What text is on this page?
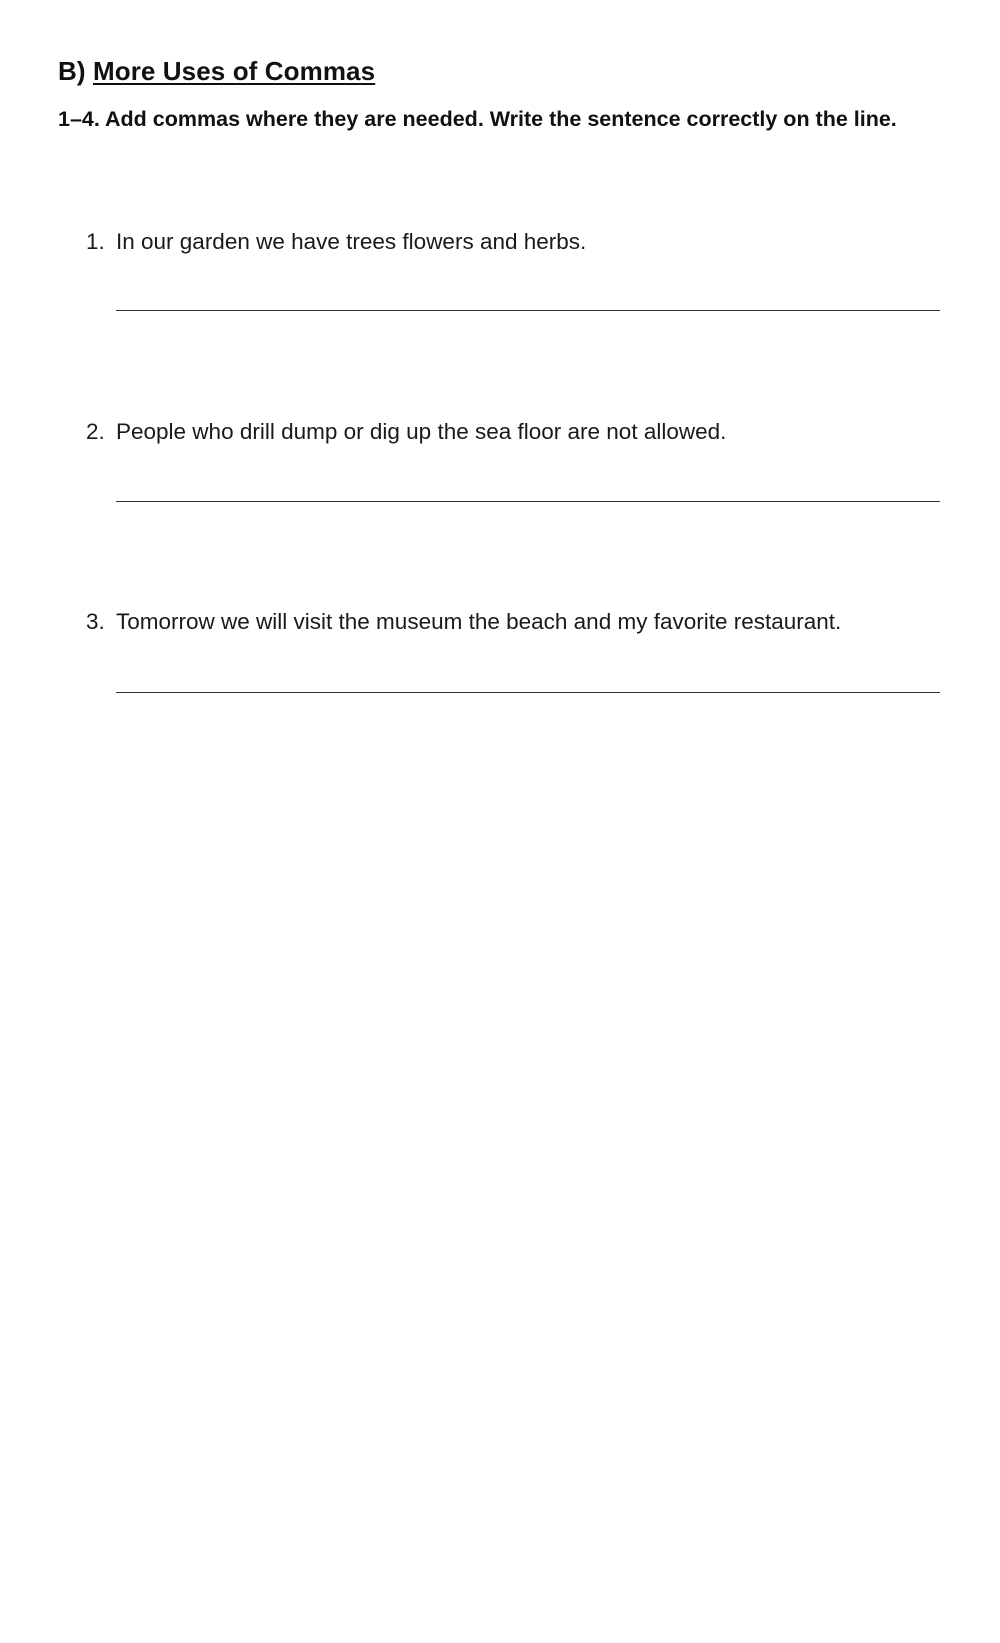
B) More Uses of Commas

1–4. Add commas where they are needed. Write the sentence correctly on the line.

1. In our garden we have trees flowers and herbs.

2. People who drill dump or dig up the sea floor are not allowed.

3. Tomorrow we will visit the museum the beach and my favorite restaurant.
